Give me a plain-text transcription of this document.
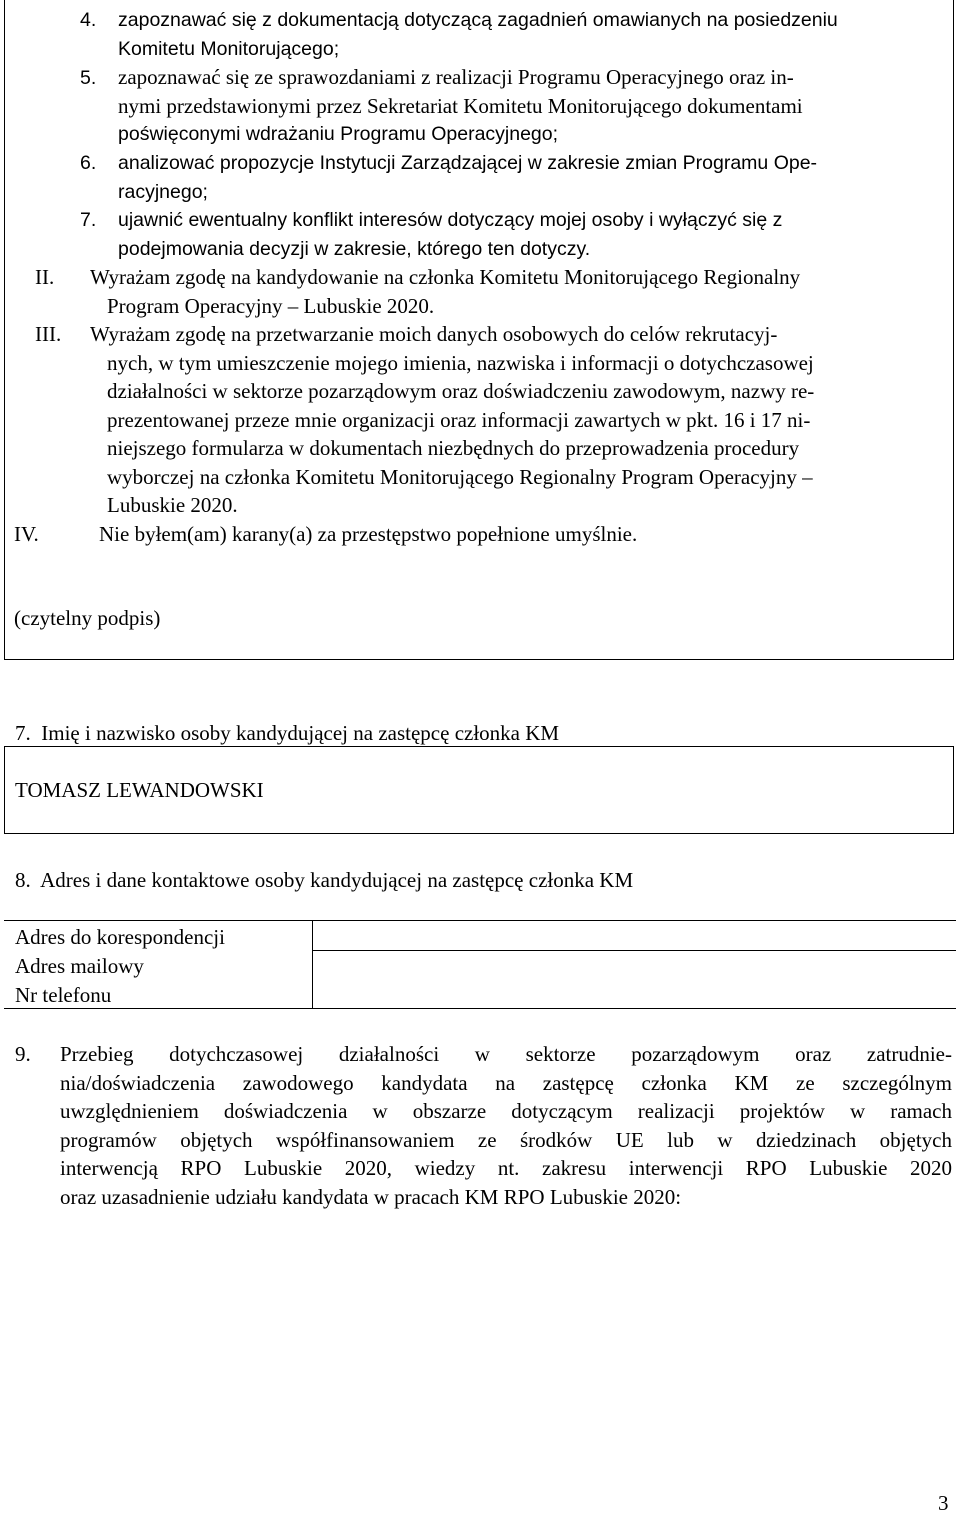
4. zapoznawać się z dokumentacją dotyczącą zagadnień omawianych na posiedzeniu
Komitetu Monitorującego;
5. zapoznawać się ze sprawozdaniami z realizacji Programu Operacyjnego oraz in-
nymi przedstawionymi przez Sekretariat Komitetu Monitorującego dokumentami
poświęconymi wdrażaniu Programu Operacyjnego;
6. analizować propozycje Instytucji Zarządzającej w zakresie zmian Programu Ope-
racyjnego;
7. ujawnić ewentualny konflikt interesów dotyczący mojej osoby i wyłączyć się z
podejmowania decyzji w zakresie, którego ten dotyczy.
II. Wyrażam zgodę na kandydowanie na członka Komitetu Monitorującego Regionalny
Program Operacyjny – Lubuskie 2020.
III. Wyrażam zgodę na przetwarzanie moich danych osobowych do celów rekrutacyj-
nych, w tym umieszczenie mojego imienia, nazwiska i informacji o dotychczasowej
działalności w sektorze pozarządowym oraz doświadczeniu zawodowym, nazwy re-
prezentowanej przeze mnie organizacji oraz informacji zawartych w pkt. 16 i 17 ni-
niejszego formularza w dokumentach niezbędnych do przeprowadzenia procedury
wyborczej na członka Komitetu Monitorującego Regionalny Program Operacyjny –
Lubuskie 2020.
IV.	Nie byłem(am) karany(a) za przestępstwo popełnione umyślnie.
(czytelny podpis)
7.  Imię i nazwisko osoby kandydującej na zastępcę członka KM
TOMASZ LEWANDOWSKI
8.  Adres i dane kontaktowe osoby kandydującej na zastępcę członka KM
Adres do korespondencji
Adres mailowy
Nr telefonu
9. Przebieg dotychczasowej działalności w sektorze pozarządowym oraz zatrudnie-
nia/doświadczenia zawodowego kandydata na zastępcę członka KM ze szczególnym
uwzględnieniem doświadczenia w obszarze dotyczącym realizacji projektów w ramach
programów objętych współfinansowaniem ze środków UE lub w dziedzinach objętych
interwencją RPO Lubuskie 2020, wiedzy nt. zakresu interwencji RPO Lubuskie 2020
oraz uzasadnienie udziału kandydata w pracach KM RPO Lubuskie 2020:
3
